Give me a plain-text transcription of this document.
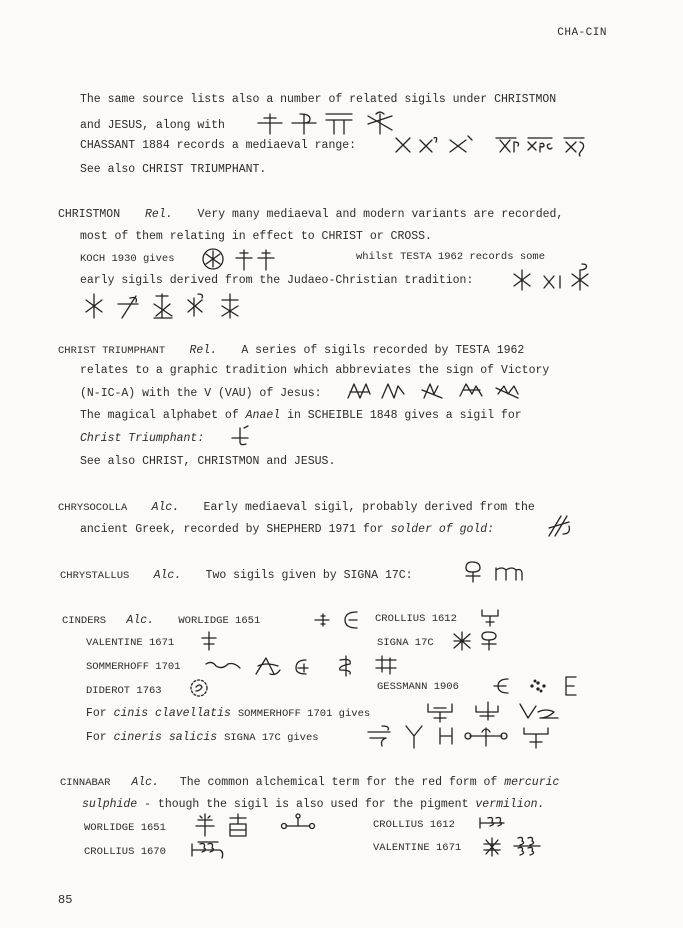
CHA-CIN
The same source lists also a number of related sigils under CHRISTMON
and JESUS, along with
CHASSANT 1884 records a mediaeval range:
See also CHRIST TRIUMPHANT.
CHRISTMON Rel. Very many mediaeval and modern variants are recorded,
most of them relating in effect to CHRIST or CROSS.
KOCH 1930 gives	whilst TESTA 1962 records some
early sigils derived from the Judaeo-Christian tradition:
CHRIST TRIUMPHANT Rel. A series of sigils recorded by TESTA 1962
relates to a graphic tradition which abbreviates the sign of Victory
(N-IC-A) with the V (VAU) of Jesus:
The magical alphabet of Anael in SCHEIBLE 1848 gives a sigil for
Christ Triumphant:
See also CHRIST, CHRISTMON and JESUS.
CHRYSOCOLLA Alc. Early mediaeval sigil, probably derived from the
ancient Greek, recorded by SHEPHERD 1971 for solder of gold:
CHRYSTALLUS Alc. Two sigils given by SIGNA 17C:
CINDERS Alc. WORLIDGE 1651	CROLLIUS 1612
VALENTINE 1671	SIGNA 17C
SOMMERHOFF 1701
DIDEROT 1763	GESSMANN 1906
For cinis clavellatis SOMMERHOFF 1701 gives
For cineris salicis SIGNA 17C gives
CINNABAR Alc. The common alchemical term for the red form of mercuric
sulphide - though the sigil is also used for the pigment vermilion.
WORLIDGE 1651	CROLLIUS 1612
CROLLIUS 1670	VALENTINE 1671
85
